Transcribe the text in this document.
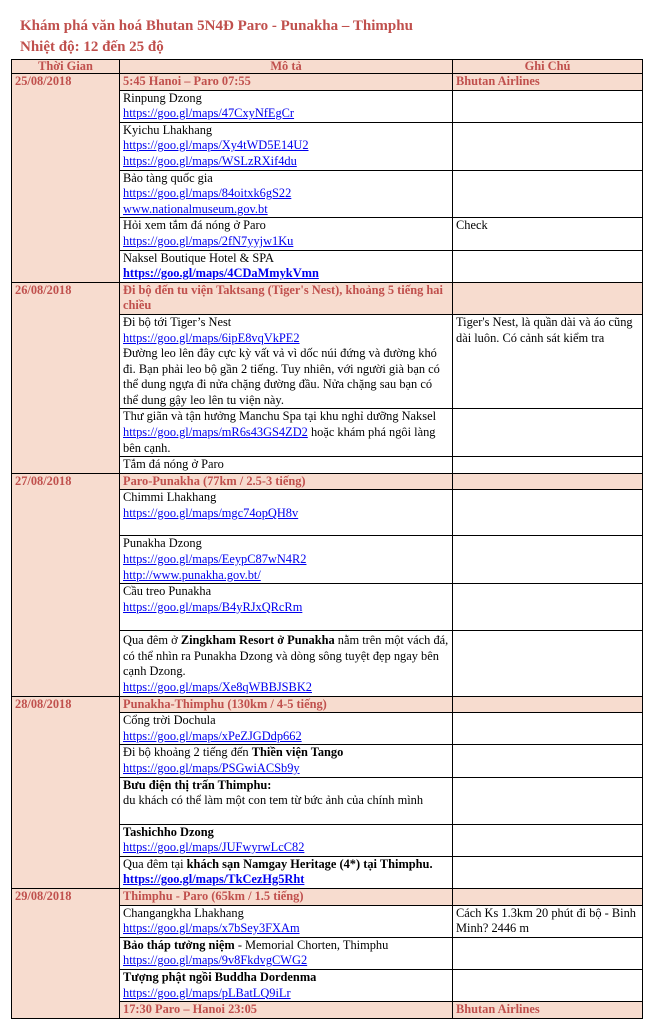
Khám phá văn hoá Bhutan 5N4Đ Paro - Punakha – Thimphu
Nhiệt độ: 12 đến 25 độ
Thời Gian	Mô tả	Ghi Chú
25/08/2018	5:45 Hanoi – Paro 07:55	Bhutan Airlines

	Rinpung Dzong
https://goo.gl/maps/47CxyNfEgCr	

	Kyichu Lhakhang
https://goo.gl/maps/Xy4tWD5E14U2
https://goo.gl/maps/WSLzRXif4du	

	Bảo tàng quốc gia
https://goo.gl/maps/84oitxk6gS22
www.nationalmuseum.gov.bt	

	Hỏi xem tắm đá nóng ở Paro
https://goo.gl/maps/2fN7yyjw1Ku	Check

	Naksel Boutique Hotel & SPA
https://goo.gl/maps/4CDaMmykVmn	

26/08/2018	Đi bộ đến tu viện Taktsang (Tiger's Nest), khoảng 5 tiếng hai chiều	

	Đi bộ tới Tiger’s Nest
https://goo.gl/maps/6ipE8vqVkPE2
Đường leo lên đây cực kỳ vất vả vì dốc núi đứng và đường khó đi. Bạn phải leo bộ gần 2 tiếng. Tuy nhiên, với người già bạn có thể dung ngựa đi nửa chặng đường đầu. Nửa chặng sau bạn có thể dung gậy leo lên tu viện này.	Tiger's Nest, là quần dài và áo cũng dài luôn. Có cảnh sát kiểm tra
	Thư giãn và tận hưởng Manchu Spa tại khu nghỉ dưỡng Naksel https://goo.gl/maps/mR6s43GS4ZD2 hoặc khám phá ngôi làng bên cạnh.	
	Tắm đá nóng ở Paro	
27/08/2018	Paro-Punakha (77km / 2.5-3 tiếng)	

	Chimmi Lhakhang
https://goo.gl/maps/mgc74opQH8v	

	Punakha Dzong
https://goo.gl/maps/EeypC87wN4R2
http://www.punakha.gov.bt/	

	Cầu treo Punakha
https://goo.gl/maps/B4yRJxQRcRm	

	Qua đêm ở Zingkham Resort ở Punakha nằm trên một vách đá, có thể nhìn ra Punakha Dzong và dòng sông tuyệt đẹp ngay bên cạnh Dzong.
https://goo.gl/maps/Xe8qWBBJSBK2	

28/08/2018	Punakha-Thimphu (130km / 4-5 tiếng)	

	Cổng trời Dochula
https://goo.gl/maps/xPeZJGDdp662	

	Đi bộ khoảng 2 tiếng đến Thiền viện Tango
https://goo.gl/maps/PSGwiACSb9y	

	Bưu điện thị trấn Thimphu:
du khách có thể làm một con tem từ bức ảnh của chính mình	

	Tashichho Dzong
https://goo.gl/maps/JUFwyrwLcC82	

	Qua đêm tại khách sạn Namgay Heritage (4*) tại Thimphu. https://goo.gl/maps/TkCezHg5Rht	
29/08/2018	Thimphu - Paro (65km / 1.5 tiếng)	

	Changangkha Lhakhang
https://goo.gl/maps/x7bSey3FXAm	Cách Ks 1.3km 20 phút đi bộ - Binh Minh? 2446 m
	Bảo tháp tưởng niệm - Memorial Chorten, Thimphu
https://goo.gl/maps/9v8FkdvgCWG2	

	Tượng phật ngồi Buddha Dordenma
https://goo.gl/maps/pLBatLQ9iLr	

	17:30 Paro – Hanoi 23:05	Bhutan Airlines
